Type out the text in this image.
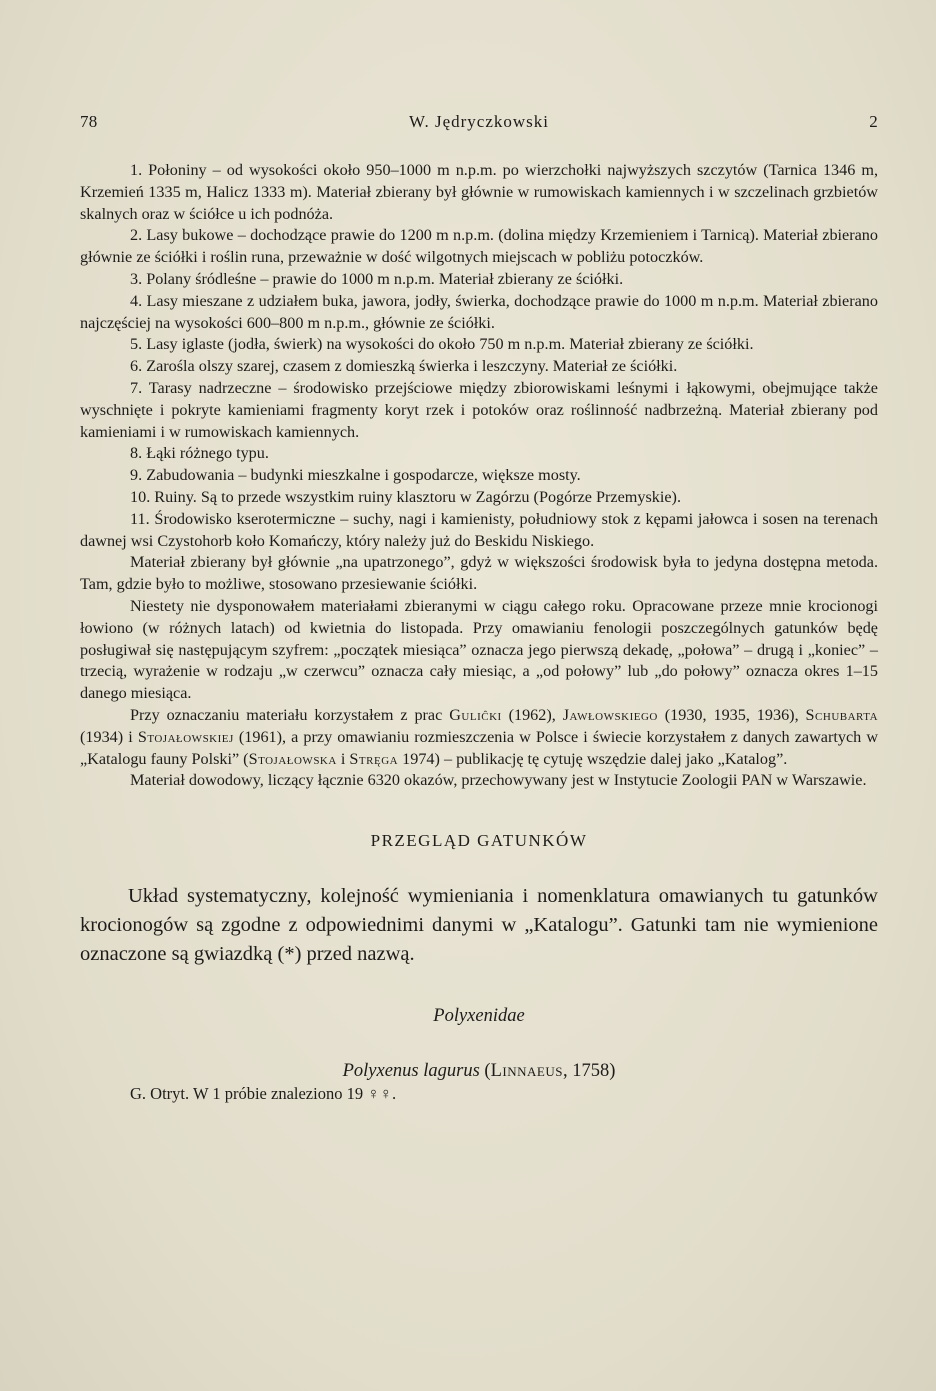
78	W. Jędryczkowski	2

1. Połoniny – od wysokości około 950–1000 m n.p.m. po wierzchołki najwyższych szczytów (Tarnica 1346 m, Krzemień 1335 m, Halicz 1333 m). Materiał zbierany był głównie w rumowiskach kamiennych i w szczelinach grzbietów skalnych oraz w ściółce u ich podnóża.

2. Lasy bukowe – dochodzące prawie do 1200 m n.p.m. (dolina między Krzemieniem i Tarnicą). Materiał zbierano głównie ze ściółki i roślin runa, przeważnie w dość wilgotnych miejscach w pobliżu potoczków.

3. Polany śródleśne – prawie do 1000 m n.p.m. Materiał zbierany ze ściółki.

4. Lasy mieszane z udziałem buka, jawora, jodły, świerka, dochodzące prawie do 1000 m n.p.m. Materiał zbierano najczęściej na wysokości 600–800 m n.p.m., głównie ze ściółki.

5. Lasy iglaste (jodła, świerk) na wysokości do około 750 m n.p.m. Materiał zbierany ze ściółki.

6. Zarośla olszy szarej, czasem z domieszką świerka i leszczyny. Materiał ze ściółki.

7. Tarasy nadrzeczne – środowisko przejściowe między zbiorowiskami leśnymi i łąkowymi, obejmujące także wyschnięte i pokryte kamieniami fragmenty koryt rzek i potoków oraz roślinność nadbrzeżną. Materiał zbierany pod kamieniami i w rumowiskach kamiennych.

8. Łąki różnego typu.

9. Zabudowania – budynki mieszkalne i gospodarcze, większe mosty.

10. Ruiny. Są to przede wszystkim ruiny klasztoru w Zagórzu (Pogórze Przemyskie).

11. Środowisko kserotermiczne – suchy, nagi i kamienisty, południowy stok z kępami jałowca i sosen na terenach dawnej wsi Czystohorb koło Komańczy, który należy już do Beskidu Niskiego.

Materiał zbierany był głównie „na upatrzonego”, gdyż w większości środowisk była to jedyna dostępna metoda. Tam, gdzie było to możliwe, stosowano przesiewanie ściółki.

Niestety nie dysponowałem materiałami zbieranymi w ciągu całego roku. Opracowane przeze mnie krocionogi łowiono (w różnych latach) od kwietnia do listopada. Przy omawianiu fenologii poszczególnych gatunków będę posługiwał się następującym szyfrem: „początek miesiąca” oznacza jego pierwszą dekadę, „połowa” – drugą i „koniec” – trzecią, wyrażenie w rodzaju „w czerwcu” oznacza cały miesiąc, a „od połowy” lub „do połowy” oznacza okres 1–15 danego miesiąca.

Przy oznaczaniu materiału korzystałem z prac Guliĉki (1962), Jawłowskiego (1930, 1935, 1936), Schubarta (1934) i Stojałowskiej (1961), a przy omawianiu rozmieszczenia w Polsce i świecie korzystałem z danych zawartych w „Katalogu fauny Polski” (Stojałowska i Stręga 1974) – publikację tę cytuję wszędzie dalej jako „Katalog”.

Materiał dowodowy, liczący łącznie 6320 okazów, przechowywany jest w Instytucie Zoologii PAN w Warszawie.

PRZEGLĄD GATUNKÓW

Układ systematyczny, kolejność wymieniania i nomenklatura omawianych tu gatunków krocionogów są zgodne z odpowiednimi danymi w „Katalogu”. Gatunki tam nie wymienione oznaczone są gwiazdką (*) przed nazwą.

Polyxenidae
Polyxenus lagurus (Linnaeus, 1758)

G. Otryt. W 1 próbie znaleziono 19 ♀♀.
